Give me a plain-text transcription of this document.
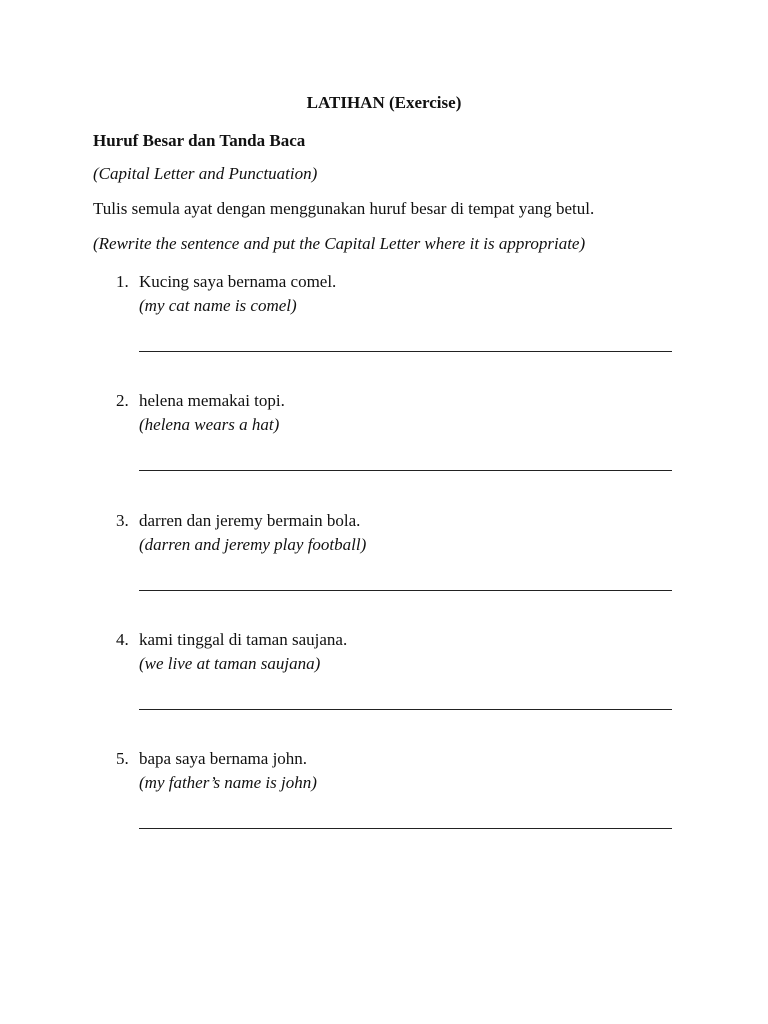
LATIHAN (Exercise)
Huruf Besar dan Tanda Baca

(Capital Letter and Punctuation)

Tulis semula ayat dengan menggunakan huruf besar di tempat yang betul.

(Rewrite the sentence and put the Capital Letter where it is appropriate)

1. Kucing saya bernama comel.
(my cat name is comel)
2. helena memakai topi.
(helena wears a hat)
3. darren dan jeremy bermain bola.
(darren and jeremy play football)
4. kami tinggal di taman saujana.
(we live at taman saujana)
5. bapa saya bernama john.
(my father’s name is john)
